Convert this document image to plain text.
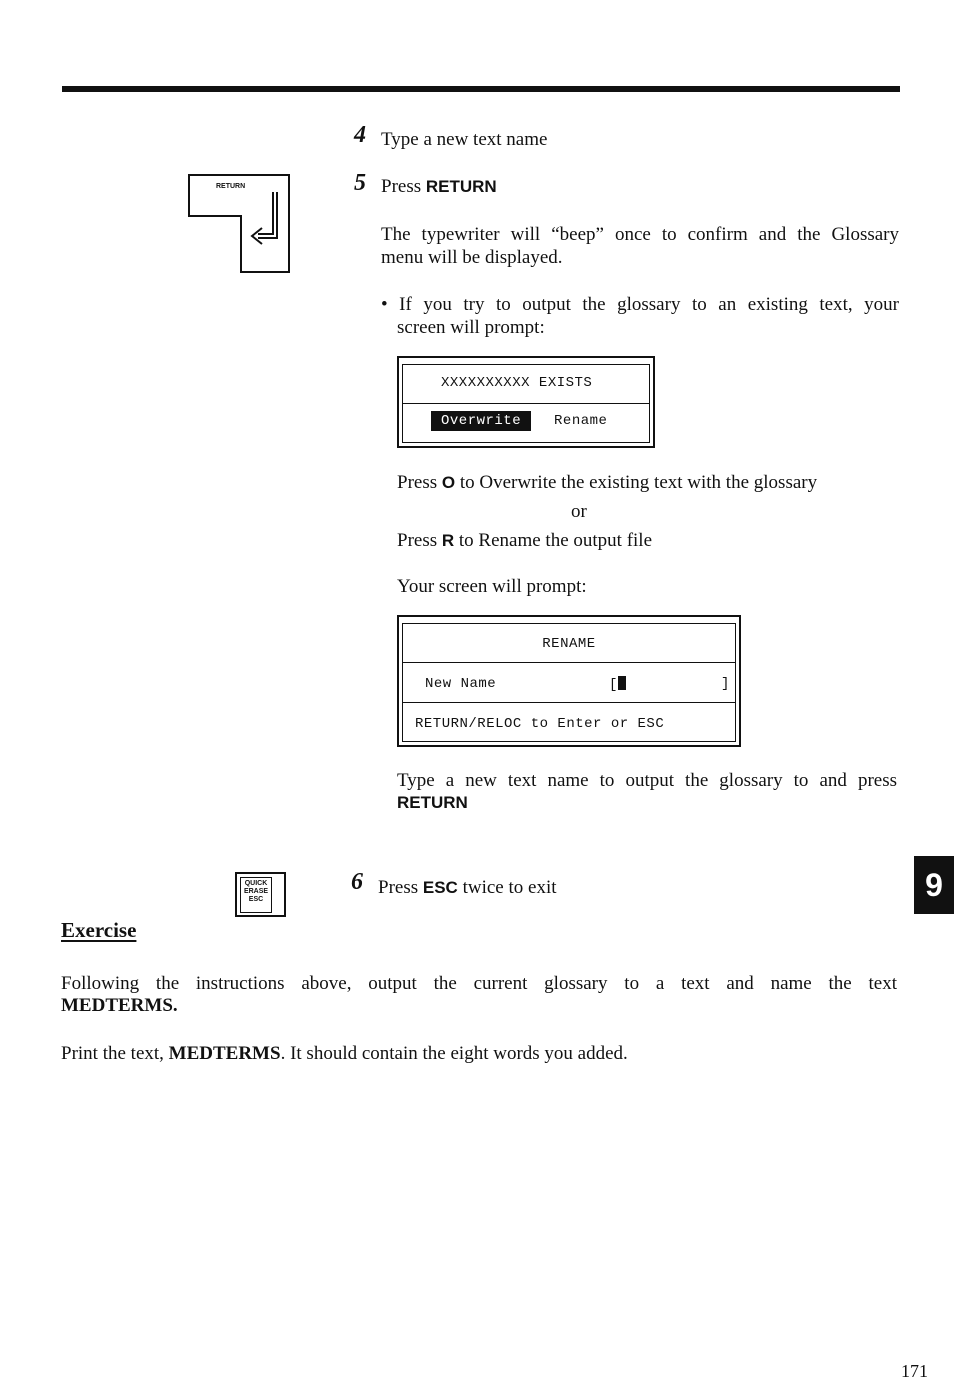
RETURN
4 Type a new text name
5 Press RETURN
The typewriter will “beep” once to confirm and the Glossary
menu will be displayed.
• If you try to output the glossary to an existing text, your
screen will prompt:
XXXXXXXXXX EXISTS
Overwrite Rename
Press O to Overwrite the existing text with the glossary
or
Press R to Rename the output file
Your screen will prompt:
RENAME
New Name	[	]
RETURN/RELOC to Enter or ESC
Type a new text name to output the glossary to and press
RETURN
QUICK
ERASE
ESC
6 Press ESC twice to exit	9
Exercise
Following the instructions above, output the current glossary to a text and name the text
MEDTERMS.
Print the text, MEDTERMS. It should contain the eight words you added.
171
